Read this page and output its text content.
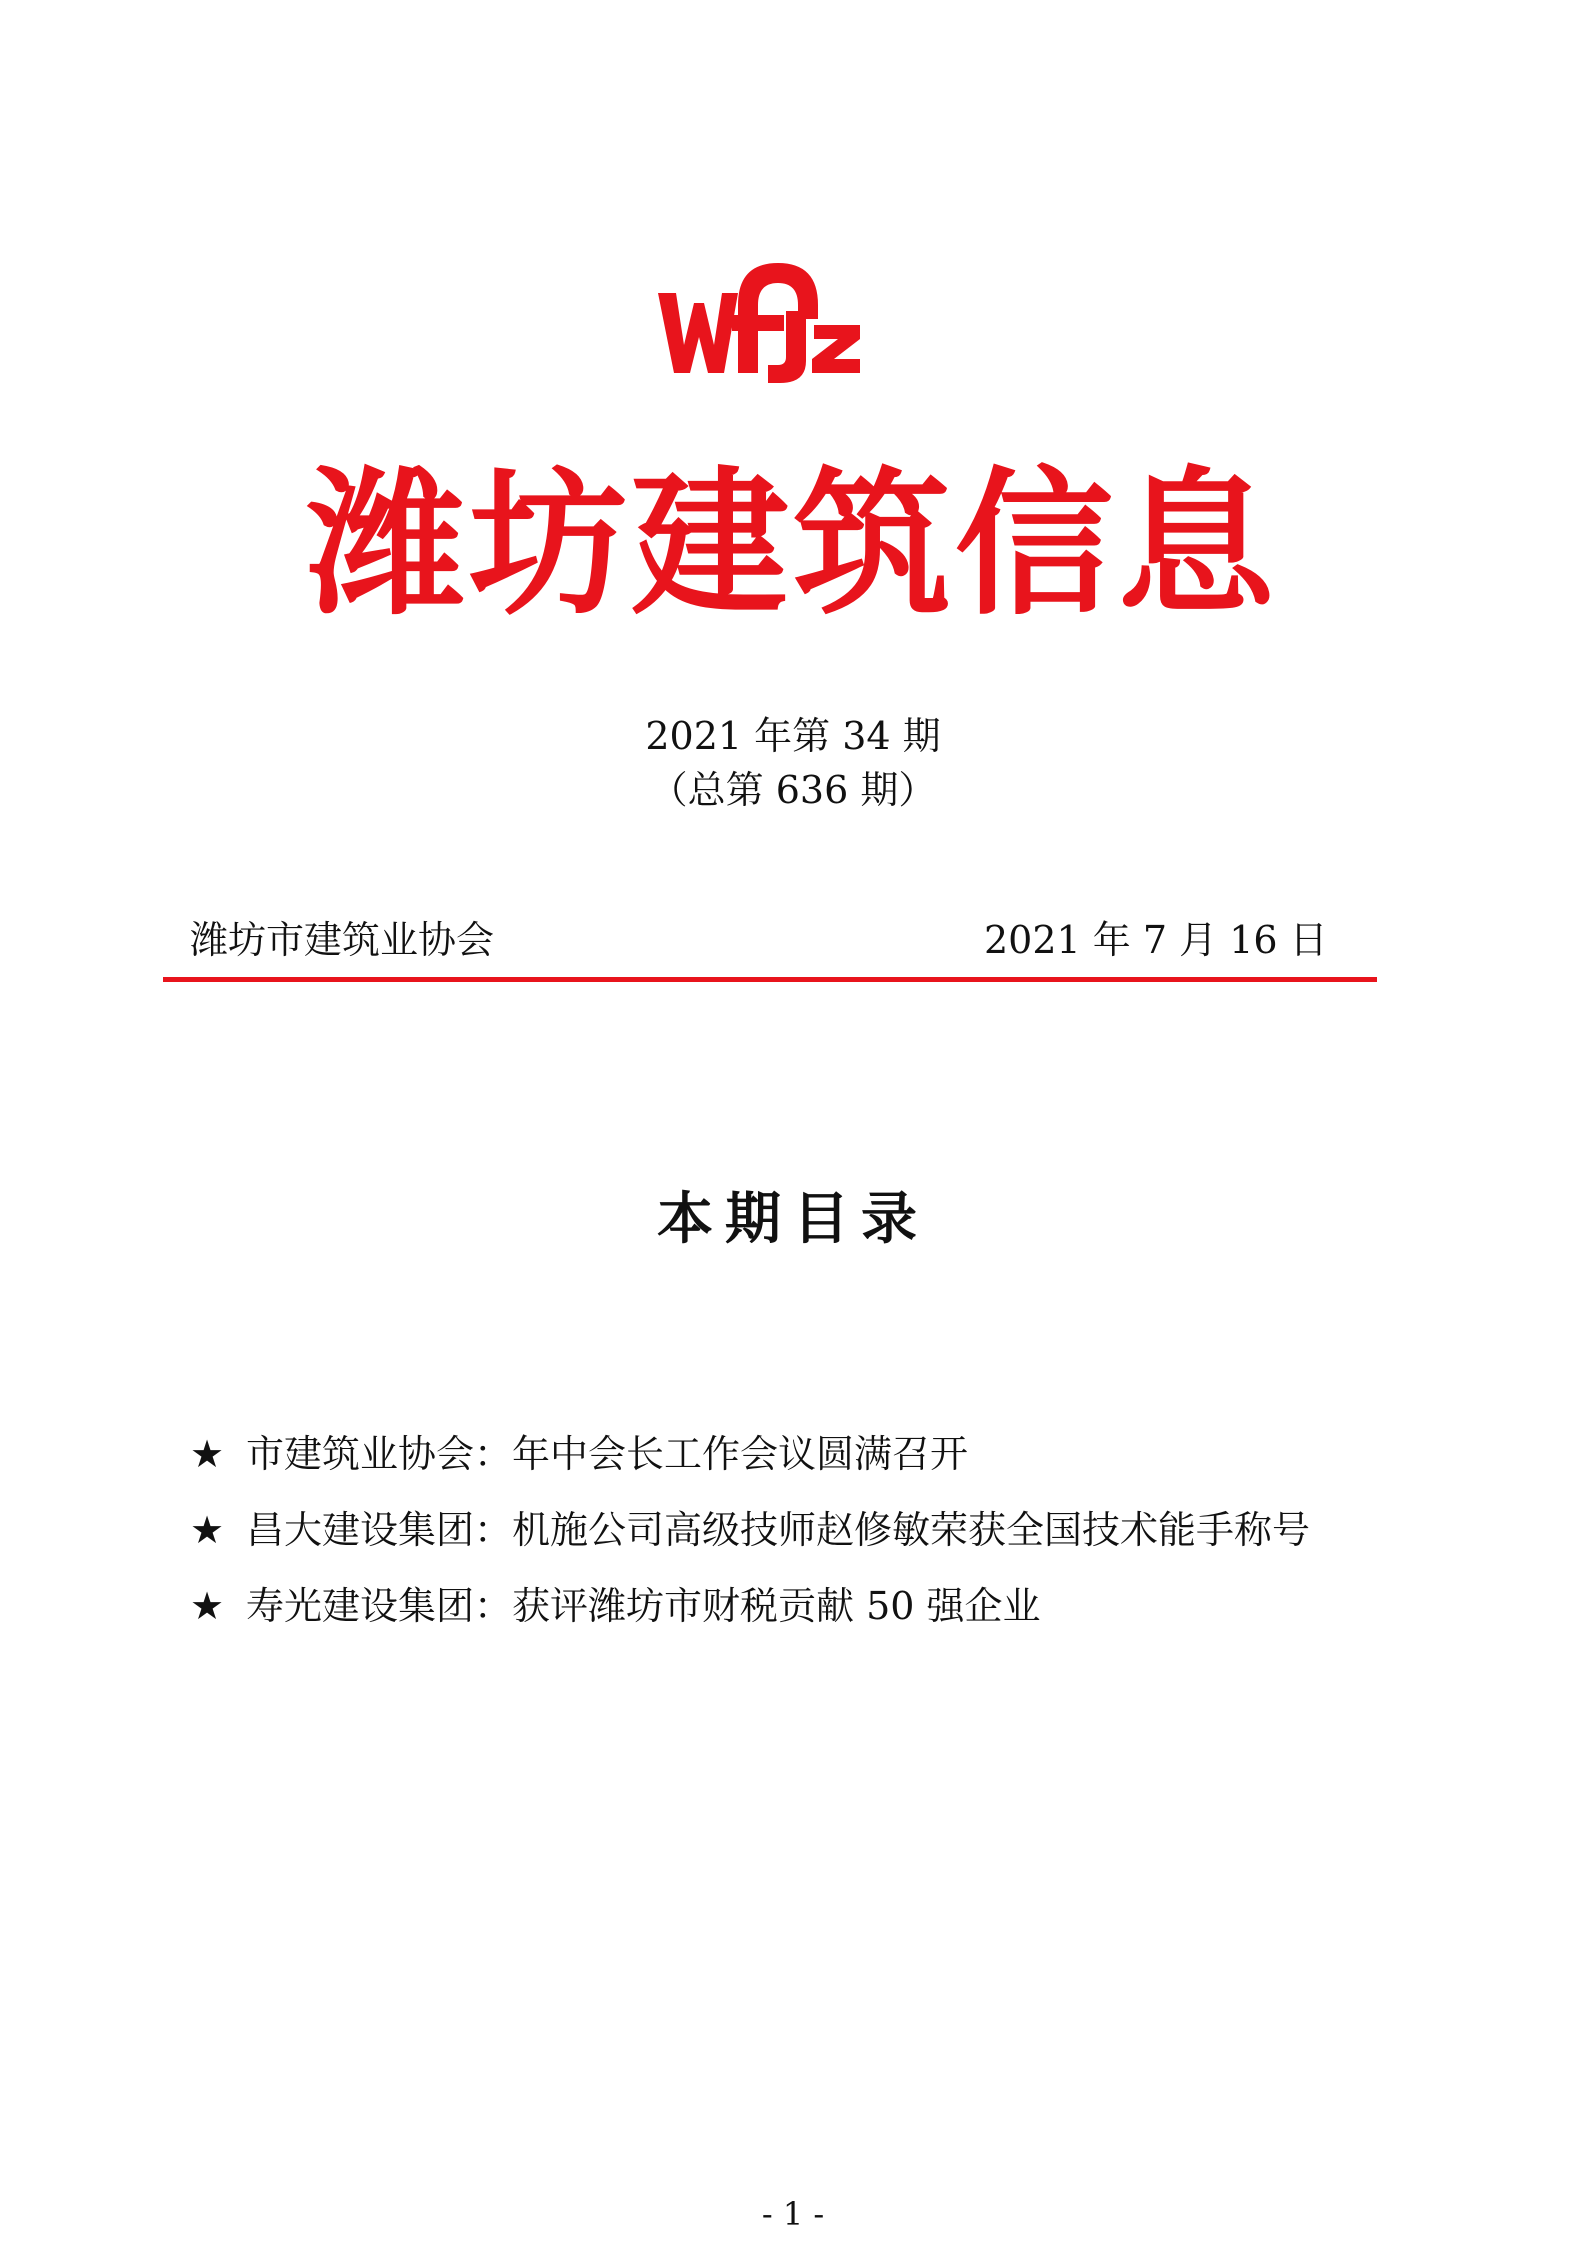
潍坊建筑信息
2021 年第 34 期
（总第 636 期）
潍坊市建筑业协会	2021 年 7 月 16 日
本期目录
★ 市建筑业协会：年中会长工作会议圆满召开
★ 昌大建设集团：机施公司高级技师赵修敏荣获全国技术能手称号
★ 寿光建设集团：获评潍坊市财税贡献 50 强企业
- 1 -
